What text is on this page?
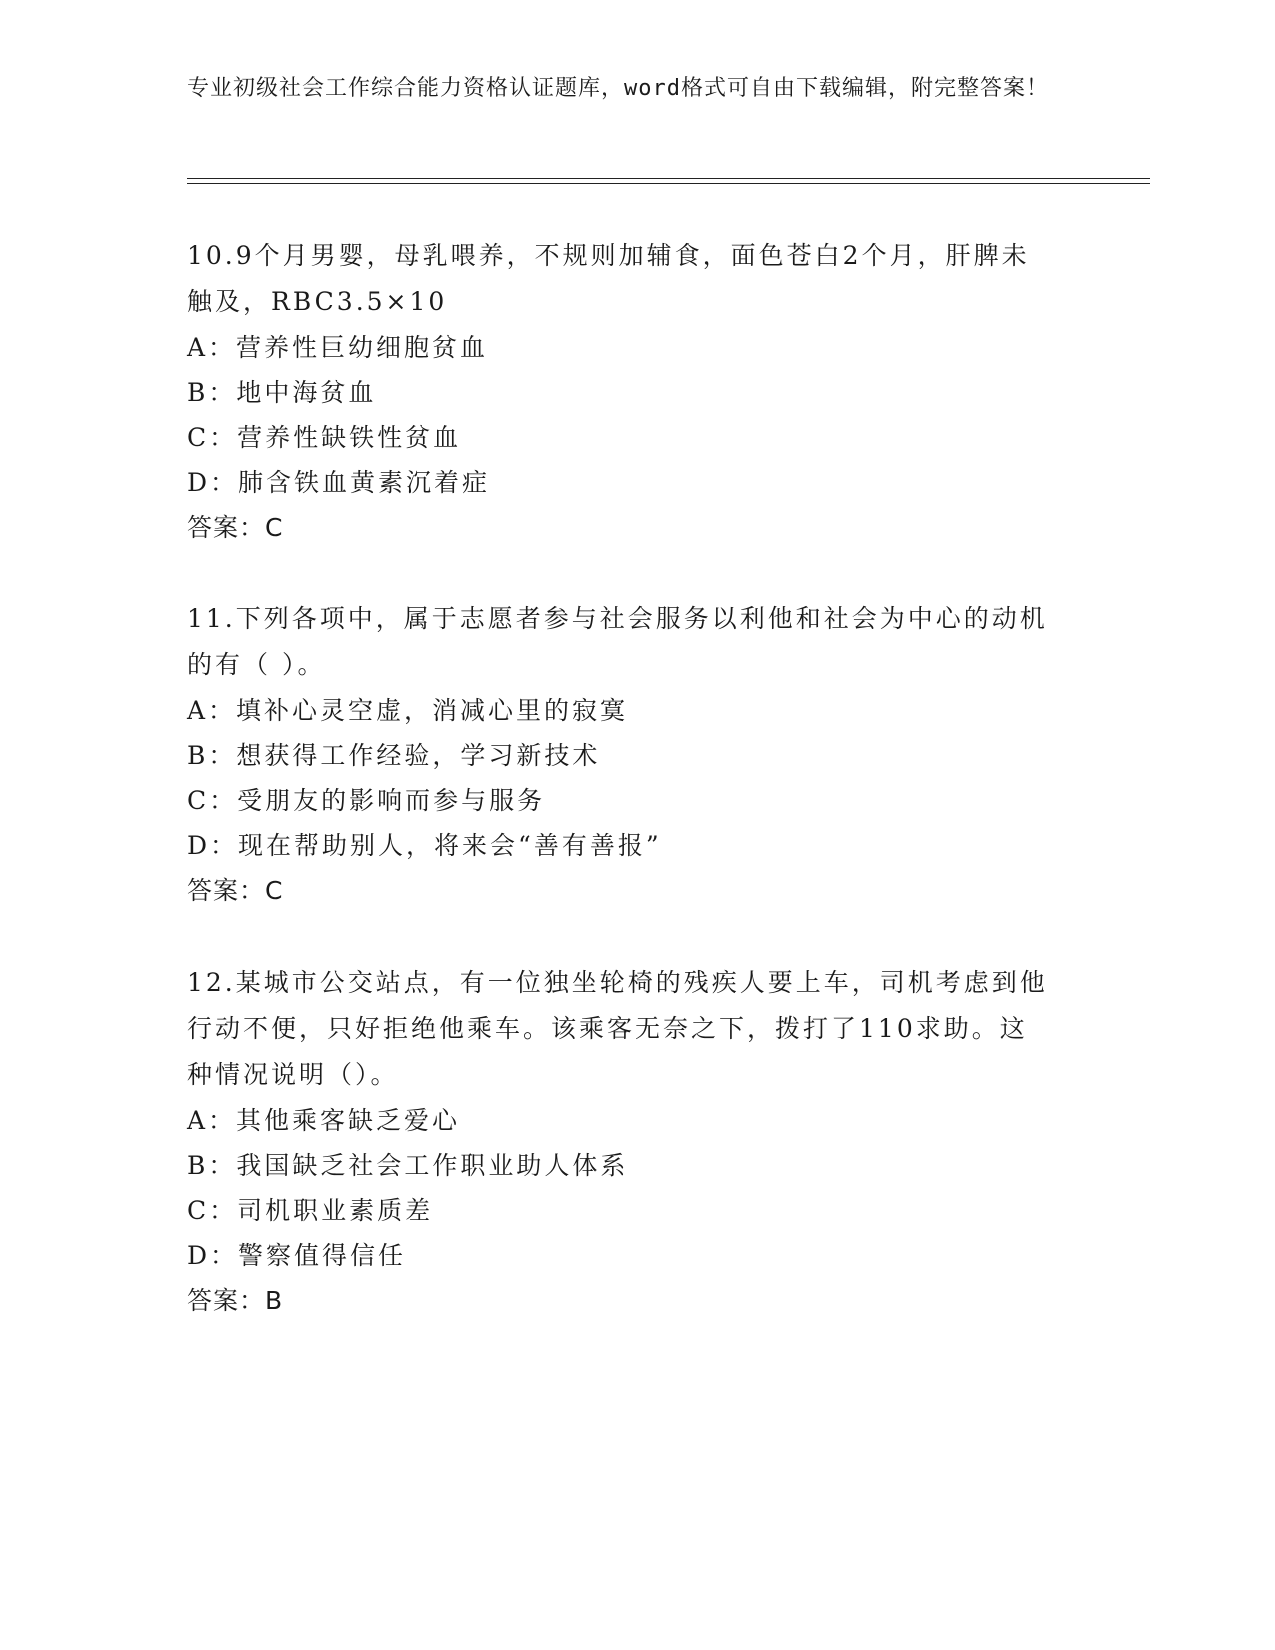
专业初级社会工作综合能力资格认证题库，word格式可自由下载编辑，附完整答案！

10.9个月男婴，母乳喂养，不规则加辅食，面色苍白2个月，肝脾未

触及，RBC3.5×10

A：营养性巨幼细胞贫血

B：地中海贫血

C：营养性缺铁性贫血

D：肺含铁血黄素沉着症

答案：C

11.下列各项中，属于志愿者参与社会服务以利他和社会为中心的动机

的有（ ）。

A：填补心灵空虚，消减心里的寂寞

B：想获得工作经验，学习新技术

C：受朋友的影响而参与服务

D：现在帮助别人，将来会“善有善报”

答案：C

12.某城市公交站点，有一位独坐轮椅的残疾人要上车，司机考虑到他

行动不便，只好拒绝他乘车。该乘客无奈之下，拨打了110求助。这

种情况说明（）。

A：其他乘客缺乏爱心

B：我国缺乏社会工作职业助人体系

C：司机职业素质差

D：警察值得信任

答案：B
